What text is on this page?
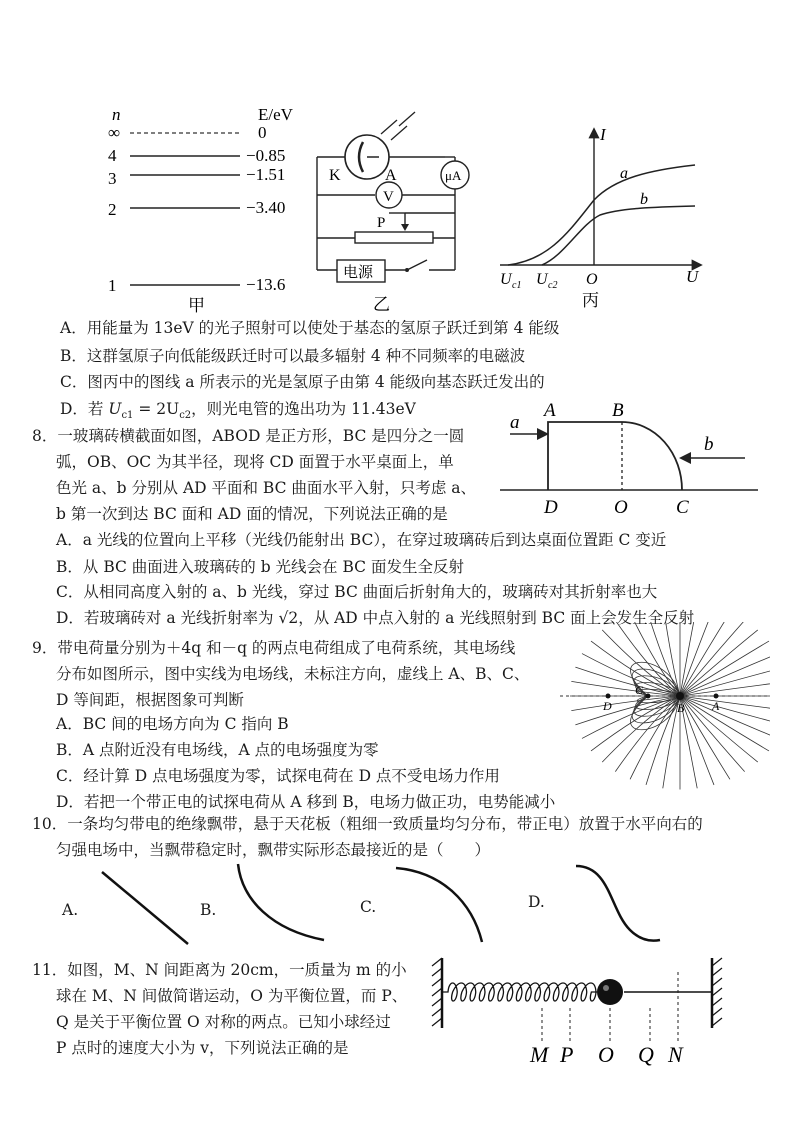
n	E/eV
∞	0
4	−0.85
3	−1.51
2	−3.40
1	−13.6
甲
K	A	μA
V
P
电源
乙
I
U
a
b
U c1 U c2 O
丙
A．用能量为 13eV 的光子照射可以使处于基态的氢原子跃迁到第 4 能级
B．这群氢原子向低能级跃迁时可以最多辐射 4 种不同频率的电磁波
C．图丙中的图线 a 所表示的光是氢原子由第 4 能级向基态跃迁发出的
D．若 $U_{c1} = 2U_{c2}$，则光电管的逸出功为 11.43eV
8．一玻璃砖横截面如图，ABOD 是正方形，BC 是四分之一圆
弧，OB、OC 为其半径，现将 CD 面置于水平桌面上，单
色光 a、b 分别从 AD 平面和 BC 曲面水平入射，只考虑 a、
b 第一次到达 BC 面和 AD 面的情况，下列说法正确的是
a
b
A	B
D	O	C
A．a 光线的位置向上平移（光线仍能射出 BC），在穿过玻璃砖后到达桌面位置距 C 变近
B．从 BC 曲面进入玻璃砖的 b 光线会在 BC 面发生全反射
C．从相同高度入射的 a、b 光线，穿过 BC 曲面后折射角大的，玻璃砖对其折射率也大
D．若玻璃砖对 a 光线折射率为 √2，从 AD 中点入射的 a 光线照射到 BC 面上会发生全反射
9．带电荷量分别为＋4q 和－q 的两点电荷组成了电荷系统，其电场线
分布如图所示，图中实线为电场线，未标注方向，虚线上 A、B、C、
D 等间距，根据图象可判断
A．BC 间的电场方向为 C 指向 B
B．A 点附近没有电场线，A 点的电场强度为零
C．经计算 D 点电场强度为零，试探电荷在 D 点不受电场力作用
D．若把一个带正电的试探电荷从 A 移到 B，电场力做正功，电势能减小
C
D	B A
10．一条均匀带电的绝缘飘带，悬于天花板（粗细一致质量均匀分布，带正电）放置于水平向右的
匀强电场中，当飘带稳定时，飘带实际形态最接近的是（　　）
A.	B.	C.	D.
11．如图，M、N 间距离为 20cm，一质量为 m 的小
球在 M、N 间做简谐运动，O 为平衡位置，而 P、
Q 是关于平衡位置 O 对称的两点。已知小球经过
P 点时的速度大小为 v，下列说法正确的是	M P O Q N
